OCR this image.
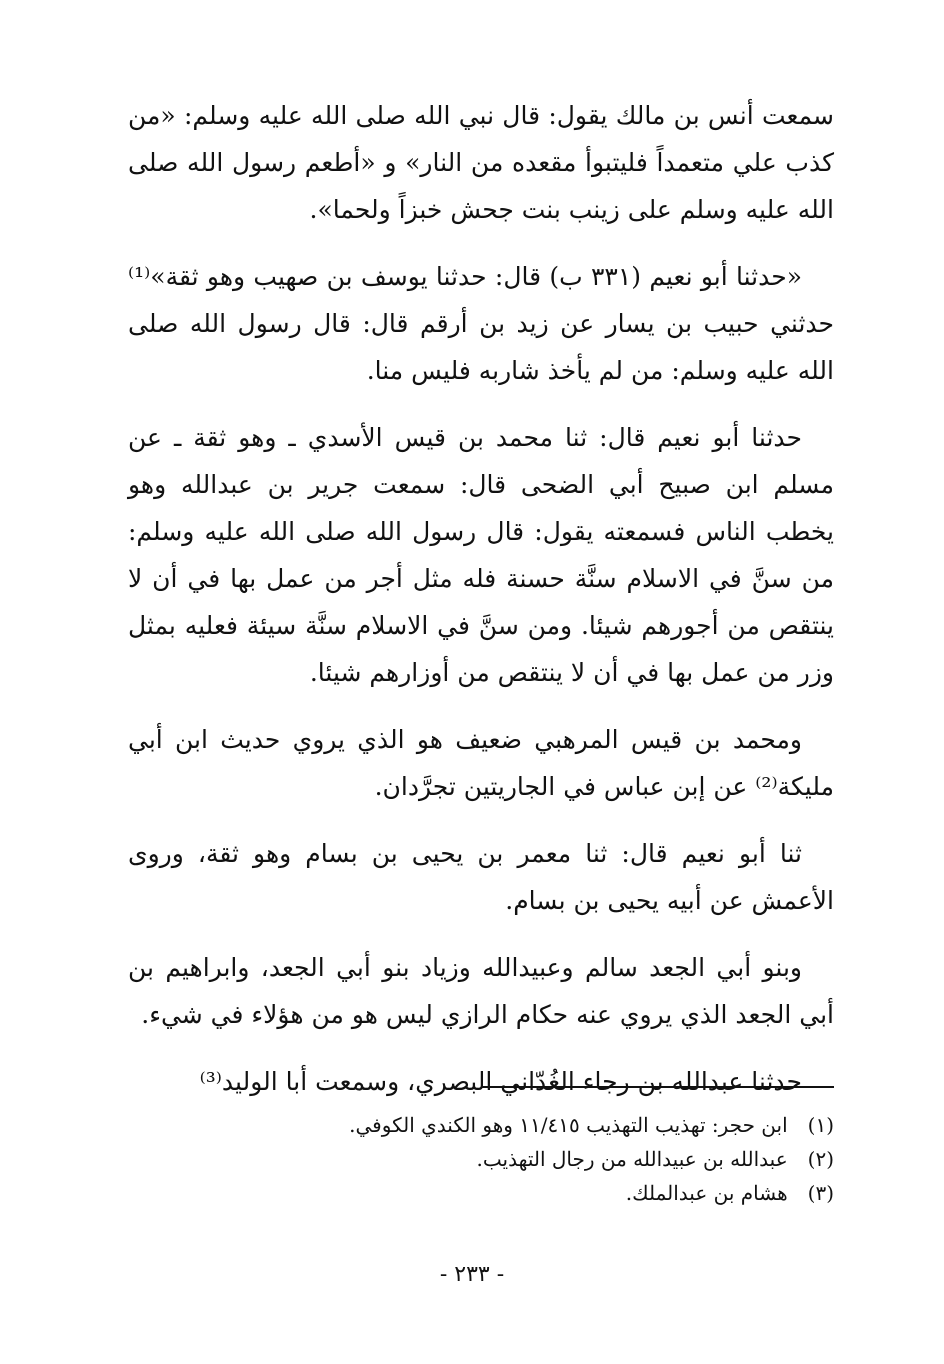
سمعت أنس بن مالك يقول: قال نبي الله صلى الله عليه وسلم: «من كذب علي متعمداً فليتبوأ مقعده من النار» و «أطعم رسول الله صلى الله عليه وسلم على زينب بنت جحش خبزاً ولحما».

«حدثنا أبو نعيم (٣٣١ ب) قال: حدثنا يوسف بن صهيب وهو ثقة»⁽¹⁾ حدثني حبيب بن يسار عن زيد بن أرقم قال: قال رسول الله صلى الله عليه وسلم: من لم يأخذ شاربه فليس منا.

حدثنا أبو نعيم قال: ثنا محمد بن قيس الأسدي ـ وهو ثقة ـ عن مسلم ابن صبيح أبي الضحى قال: سمعت جرير بن عبدالله وهو يخطب الناس فسمعته يقول: قال رسول الله صلى الله عليه وسلم: من سنَّ في الاسلام سنَّة حسنة فله مثل أجر من عمل بها في أن لا ينتقص من أجورهم شيئا. ومن سنَّ في الاسلام سنَّة سيئة فعليه بمثل وزر من عمل بها في أن لا ينتقص من أوزارهم شيئا.

ومحمد بن قيس المرهبي ضعيف هو الذي يروي حديث ابن أبي مليكة⁽²⁾ عن إبن عباس في الجاريتين تجرَّدان.

ثنا أبو نعيم قال: ثنا معمر بن يحيى بن بسام وهو ثقة، وروى الأعمش عن أبيه يحيى بن بسام.

وبنو أبي الجعد سالم وعبيدالله وزياد بنو أبي الجعد، وابراهيم بن أبي الجعد الذي يروي عنه حكام الرازي ليس هو من هؤلاء في شيء.

حدثنا عبدالله بن رجاء الغُدّاني البصري، وسمعت أبا الوليد⁽³⁾

(١) ابن حجر: تهذيب التهذيب ١١/٤١٥ وهو الكندي الكوفي.

(٢) عبدالله بن عبيدالله من رجال التهذيب.

(٣) هشام بن عبدالملك.

- ٢٣٣ -
